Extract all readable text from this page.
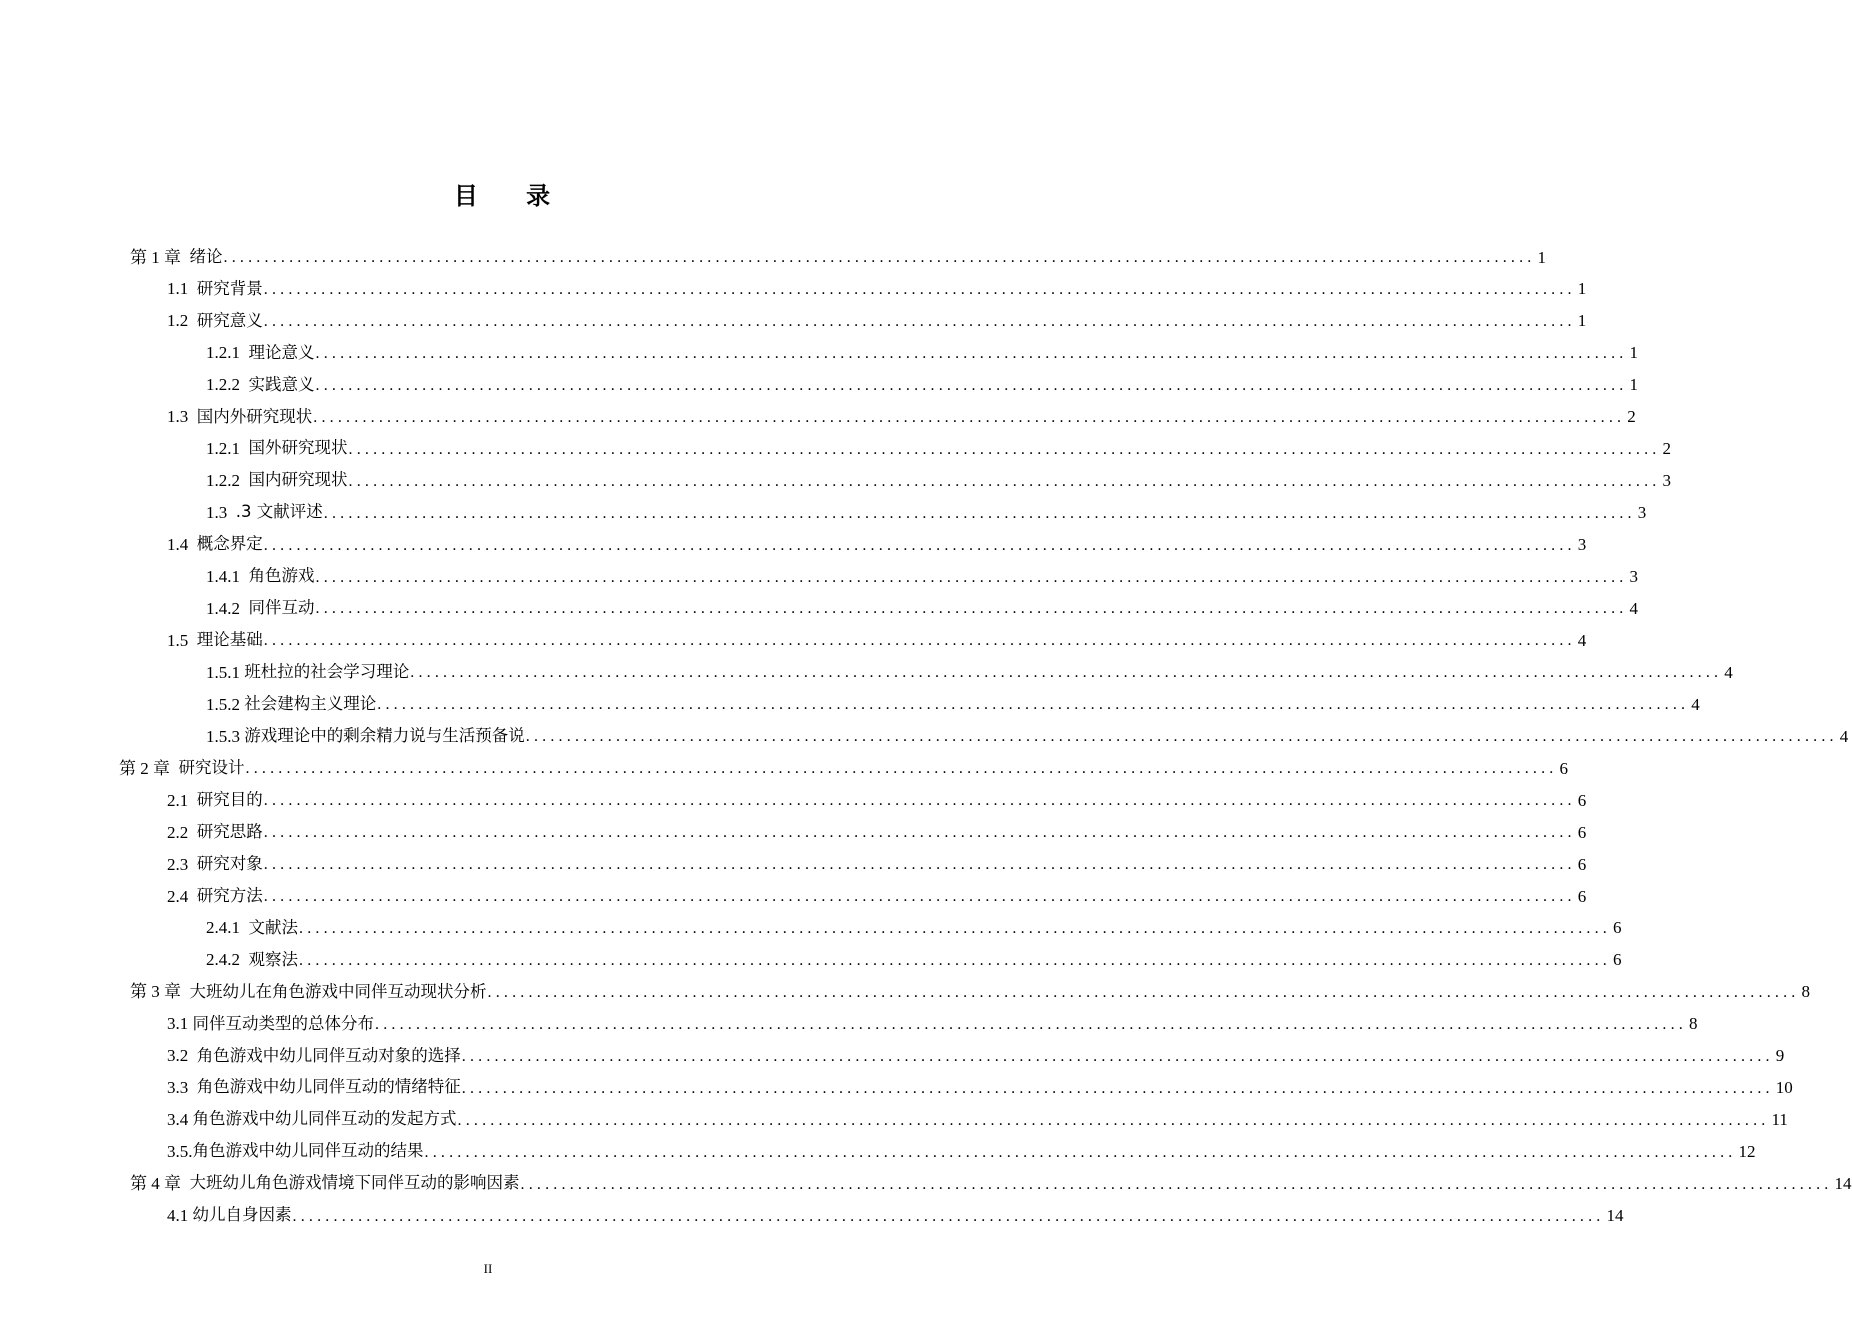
目 录
第 1 章
绪论 ................................................................................................................................................................ 1
1.1
研究背景 ................................................................................................................................................................ 1
1.2
研究意义 ................................................................................................................................................................ 1
1.2.1
理论意义 ................................................................................................................................................................ 1
1.2.2
实践意义 ................................................................................................................................................................ 1
1.3
国内外研究现状 ................................................................................................................................................................ 2
1.2.1
国外研究现状 ................................................................................................................................................................ 2
1.2.2
国内研究现状 ................................................................................................................................................................ 3
1.3
.3 文献评述 ................................................................................................................................................................ 3
1.4
概念界定 ................................................................................................................................................................ 3
1.4.1
角色游戏 ................................................................................................................................................................ 3
1.4.2
同伴互动 ................................................................................................................................................................ 4
1.5
理论基础 ................................................................................................................................................................ 4
1.5.1
班杜拉的社会学习理论 ................................................................................................................................................................ 4
1.5.2
社会建构主义理论 ................................................................................................................................................................ 4
1.5.3
游戏理论中的剩余精力说与生活预备说 ................................................................................................................................................................ 4
第 2 章
研究设计 ................................................................................................................................................................ 6
2.1
研究目的 ................................................................................................................................................................ 6
2.2
研究思路 ................................................................................................................................................................ 6
2.3
研究对象 ................................................................................................................................................................ 6
2.4
研究方法 ................................................................................................................................................................ 6
2.4.1
文献法 ................................................................................................................................................................ 6
2.4.2
观察法 ................................................................................................................................................................ 6
第 3 章
大班幼儿在角色游戏中同伴互动现状分析 ................................................................................................................................................................ 8
3.1
同伴互动类型的总体分布 ................................................................................................................................................................ 8
3.2
角色游戏中幼儿同伴互动对象的选择 ................................................................................................................................................................ 9
3.3
角色游戏中幼儿同伴互动的情绪特征 ................................................................................................................................................................ 10
3.4
角色游戏中幼儿同伴互动的发起方式 ................................................................................................................................................................ 11
3.5. 角色游戏中幼儿同伴互动的结果 ................................................................................................................................................................ 12
第 4 章
大班幼儿角色游戏情境下同伴互动的影响因素 ................................................................................................................................................................ 14
4.1
幼儿自身因素 ................................................................................................................................................................ 14
II
